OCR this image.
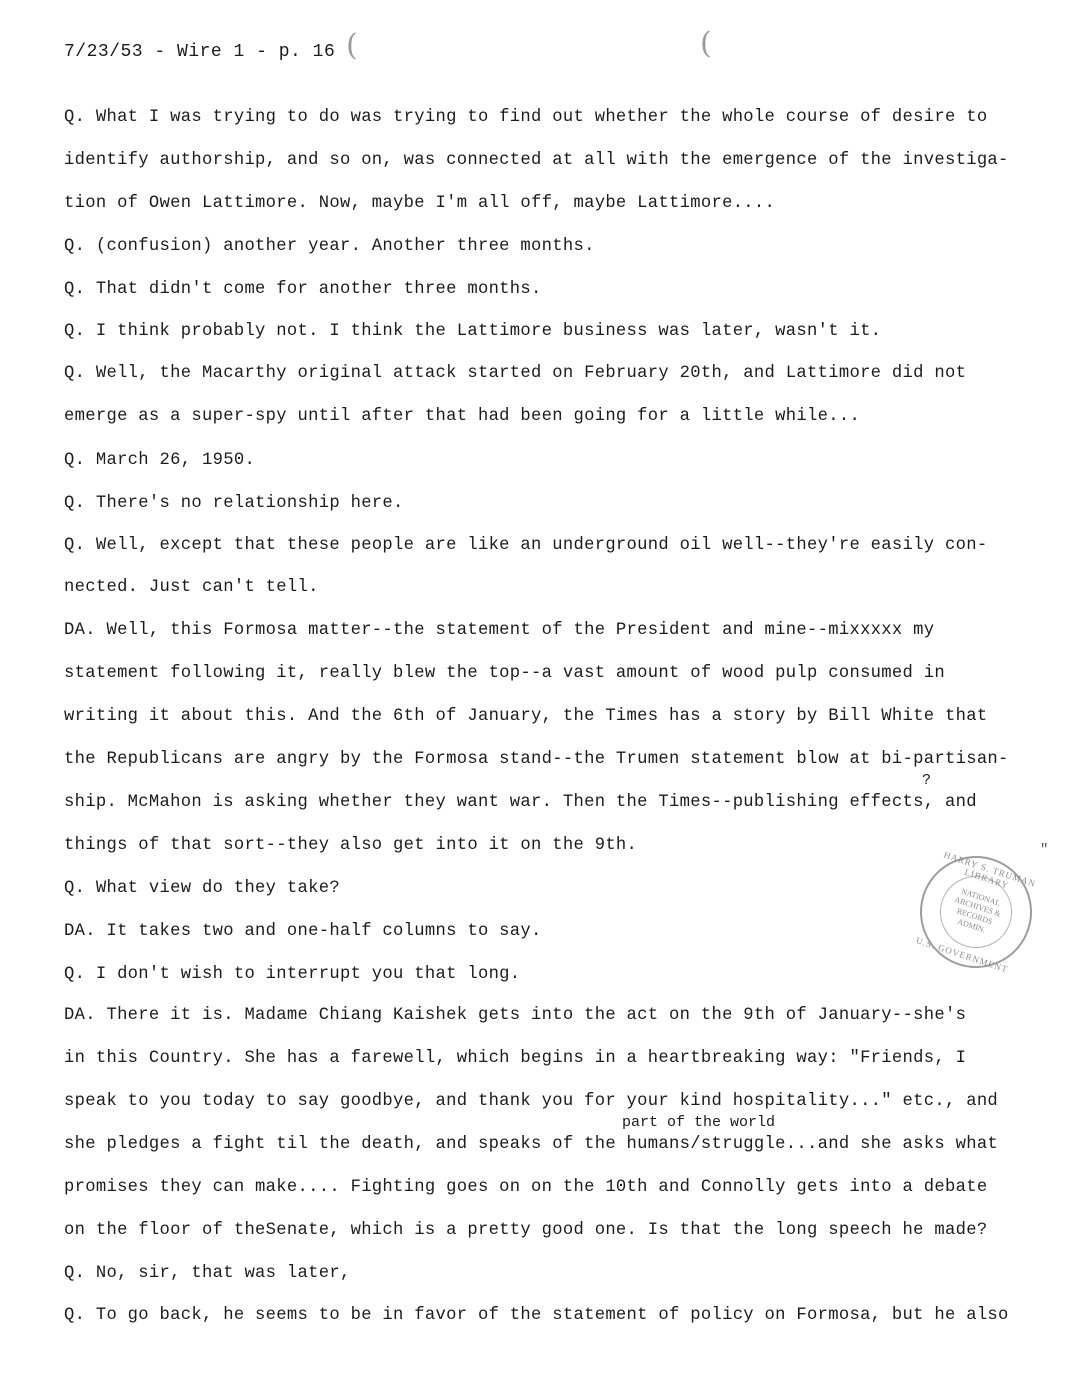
7/23/53 - Wire 1 - p. 16 (	(
Q. What I was trying to do was trying to find out whether the whole course of desire to
identify authorship, and so on, was connected at all with the emergence of the investiga-
tion of Owen Lattimore. Now, maybe I'm all off, maybe Lattimore....
Q. (confusion) another year. Another three months.
Q. That didn't come for another three months.
Q. I think probably not. I think the Lattimore business was later, wasn't it.
Q. Well, the Macarthy original attack started on February 20th, and Lattimore did not
emerge as a super-spy until after that had been going for a little while...
Q. March 26, 1950.
Q. There's no relationship here.
Q. Well, except that these people are like an underground oil well--they're easily con-
nected. Just can't tell.
DA. Well, this Formosa matter--the statement of the President and mine--mixxxxx my
statement following it, really blew the top--a vast amount of wood pulp consumed in
writing it about this. And the 6th of January, the Times has a story by Bill White that
the Republicans are angry by the Formosa stand--the Trumen statement blow at bi-partisan-
?
ship. McMahon is asking whether they want war. Then the Times--publishing effects, and
things of that sort--they also get into it on the 9th.
Q. What view do they take?
DA. It takes two and one-half columns to say.
Q. I don't wish to interrupt you that long.
DA. There it is. Madame Chiang Kaishek gets into the act on the 9th of January--she's
in this Country. She has a farewell, which begins in a heartbreaking way: "Friends, I
speak to you today to say goodbye, and thank you for your kind hospitality..." etc., and
part of the world
she pledges a fight til the death, and speaks of the humans/struggle...and she asks what
promises they can make.... Fighting goes on on the 10th and Connolly gets into a debate
on the floor of theSenate, which is a pretty good one. Is that the long speech he made?
Q. No, sir, that was later,
Q. To go back, he seems to be in favor of the statement of policy on Formosa, but he also
"
HARRY S. TRUMAN LIBRARY
NATIONAL ARCHIVES & RECORDS ADMIN.
U.S. GOVERNMENT
